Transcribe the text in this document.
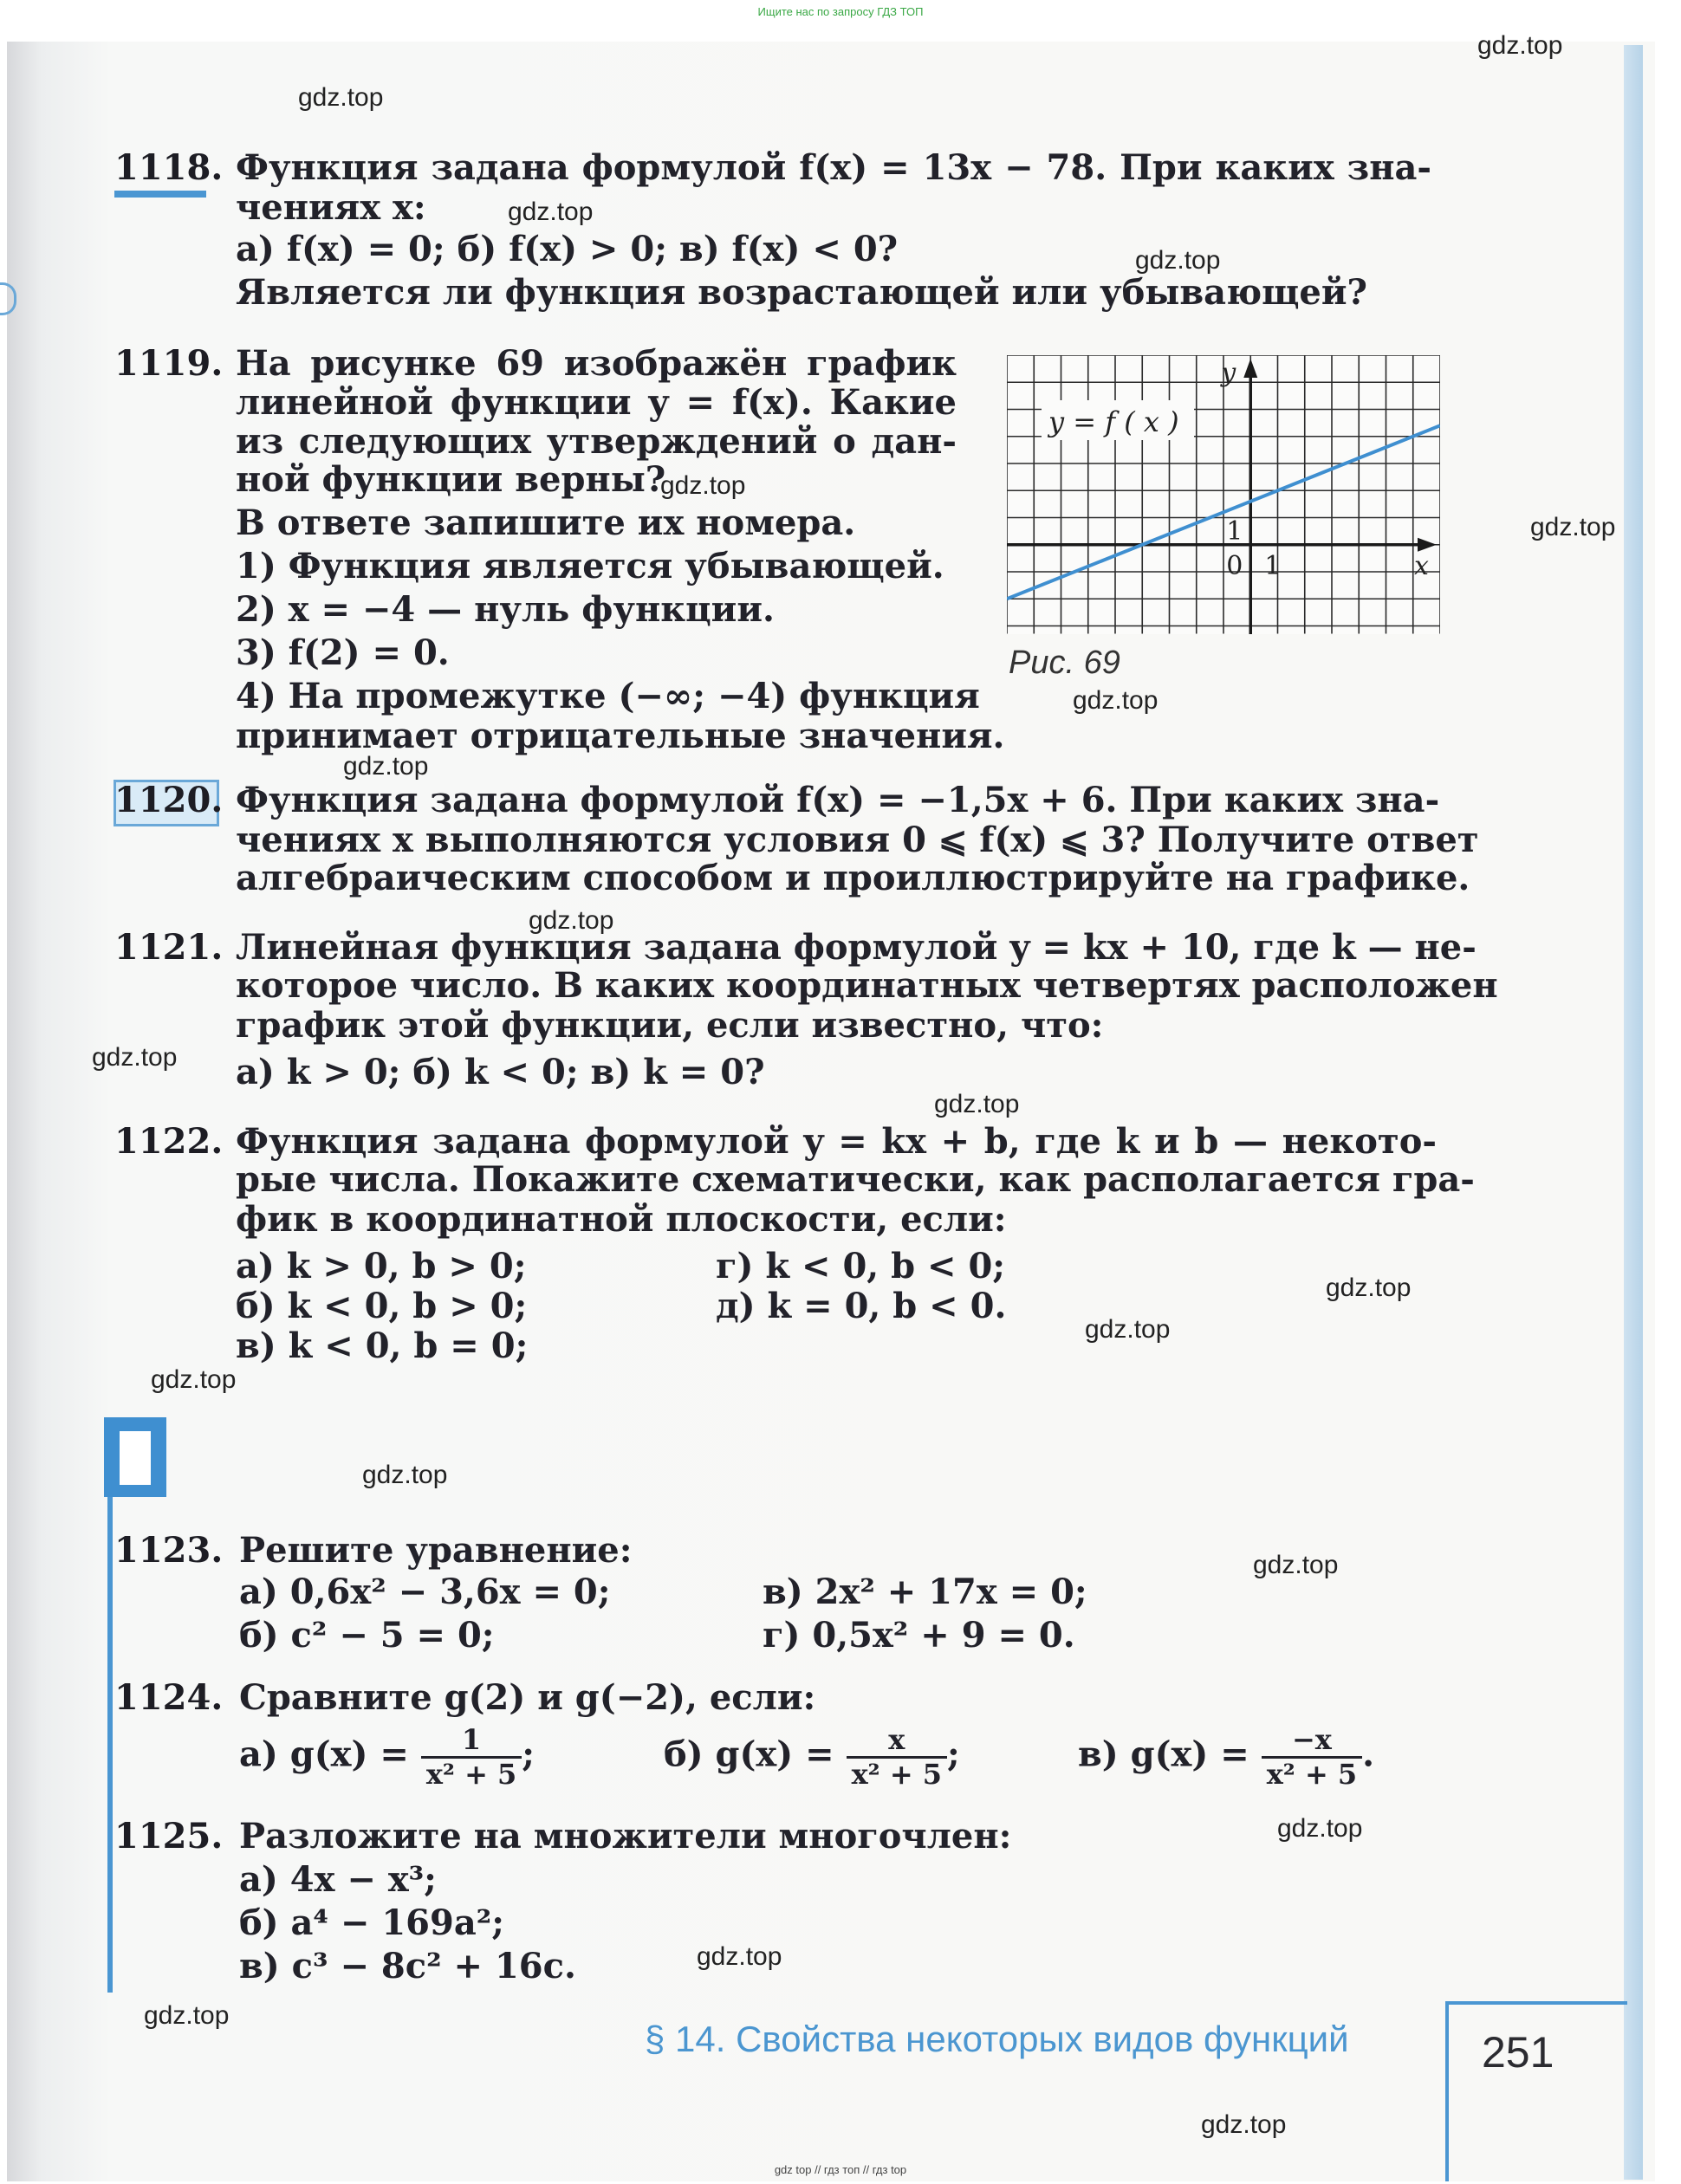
Ищите нас по запросу ГДЗ ТОП
gdz.top
gdz.top
gdz.top
gdz.top
gdz.top
gdz.top
gdz.top
gdz.top
gdz.top
gdz.top
gdz.top
gdz.top
gdz.top
gdz.top
gdz.top
gdz.top
gdz.top
gdz.top
gdz.top
gdz.top
1118. Функция задана формулой f(x) = 13x − 78. При каких зна-
чениях x:
а) f(x) = 0; б) f(x) > 0; в) f(x) < 0?
Является ли функция возрастающей или убывающей?
1119. На рисунке 69 изображён график
линейной функции y = f(x). Какие
из следующих утверждений о дан-
ной функции верны?
В ответе запишите их номера.
1) Функция является убывающей.
2) x = −4 — нуль функции.
3) f(2) = 0.
4) На промежутке (−∞; −4) функция
принимает отрицательные значения.
y
x
0 1
1
y = f ( x )
Рис. 69
1120. Функция задана формулой f(x) = −1,5x + 6. При каких зна-
чениях x выполняются условия 0 ⩽ f(x) ⩽ 3? Получите ответ
алгебраическим способом и проиллюстрируйте на графике.
1121. Линейная функция задана формулой y = kx + 10, где k — не-
которое число. В каких координатных четвертях расположен
график этой функции, если известно, что:
а) k > 0; б) k < 0; в) k = 0?
1122. Функция задана формулой y = kx + b, где k и b — некото-
рые числа. Покажите схематически, как располагается гра-
фик в координатной плоскости, если:
а) k > 0, b > 0;
б) k < 0, b > 0;
в) k < 0, b = 0;
г) k < 0, b < 0;
д) k = 0, b < 0.
1123. Решите уравнение:
а) 0,6x² − 3,6x = 0;
б) c² − 5 = 0;
в) 2x² + 17x = 0;
г) 0,5x² + 9 = 0.
1124. Сравните g(2) и g(−2), если:
а) $g(x) = \frac{1}{\text{x² + 5}}$ ;	б) $g(x) = \frac{x}{\text{x² + 5}}$ ;	в) $g(x) = \frac{-x}{\text{x² + 5}}$ .
1125. Разложите на множители многочлен:
а) 4x − x³;
б) a⁴ − 169a²;
в) c³ − 8c² + 16c.
§ 14. Свойства некоторых видов функций	251
gdz top // гдз топ // гдз top
